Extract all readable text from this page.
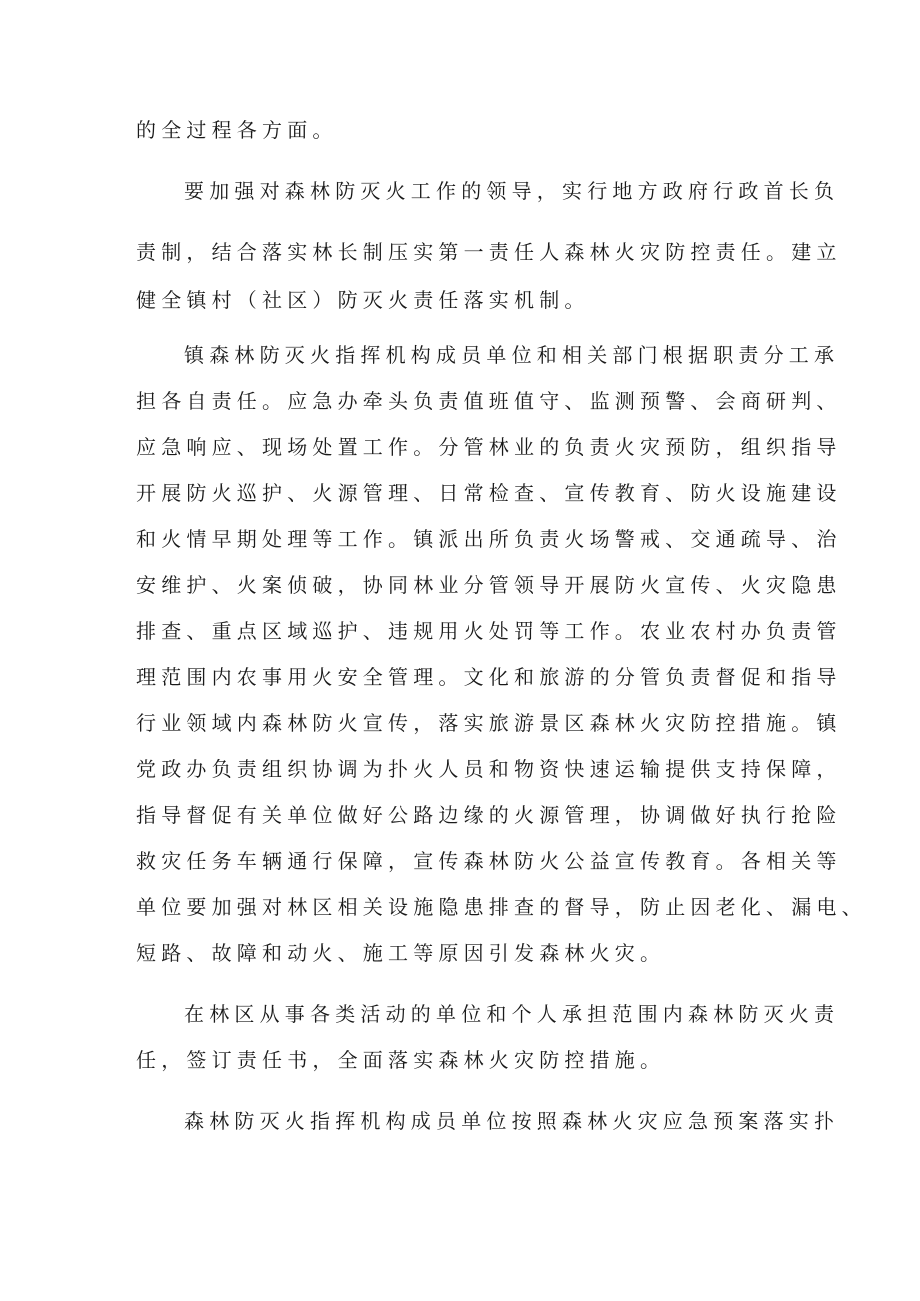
的全过程各方面。
要加强对森林防灭火工作的领导，实行地方政府行政首长负
责制，结合落实林长制压实第一责任人森林火灾防控责任。建立
健全镇村（社区）防灭火责任落实机制。
镇森林防灭火指挥机构成员单位和相关部门根据职责分工承
担各自责任。应急办牵头负责值班值守、监测预警、会商研判、
应急响应、现场处置工作。分管林业的负责火灾预防，组织指导
开展防火巡护、火源管理、日常检查、宣传教育、防火设施建设
和火情早期处理等工作。镇派出所负责火场警戒、交通疏导、治
安维护、火案侦破，协同林业分管领导开展防火宣传、火灾隐患
排查、重点区域巡护、违规用火处罚等工作。农业农村办负责管
理范围内农事用火安全管理。文化和旅游的分管负责督促和指导
行业领域内森林防火宣传，落实旅游景区森林火灾防控措施。镇
党政办负责组织协调为扑火人员和物资快速运输提供支持保障，
指导督促有关单位做好公路边缘的火源管理，协调做好执行抢险
救灾任务车辆通行保障，宣传森林防火公益宣传教育。各相关等
单位要加强对林区相关设施隐患排查的督导，防止因老化、漏电、
短路、故障和动火、施工等原因引发森林火灾。
在林区从事各类活动的单位和个人承担范围内森林防灭火责
任，签订责任书，全面落实森林火灾防控措施。
森林防灭火指挥机构成员单位按照森林火灾应急预案落实扑
